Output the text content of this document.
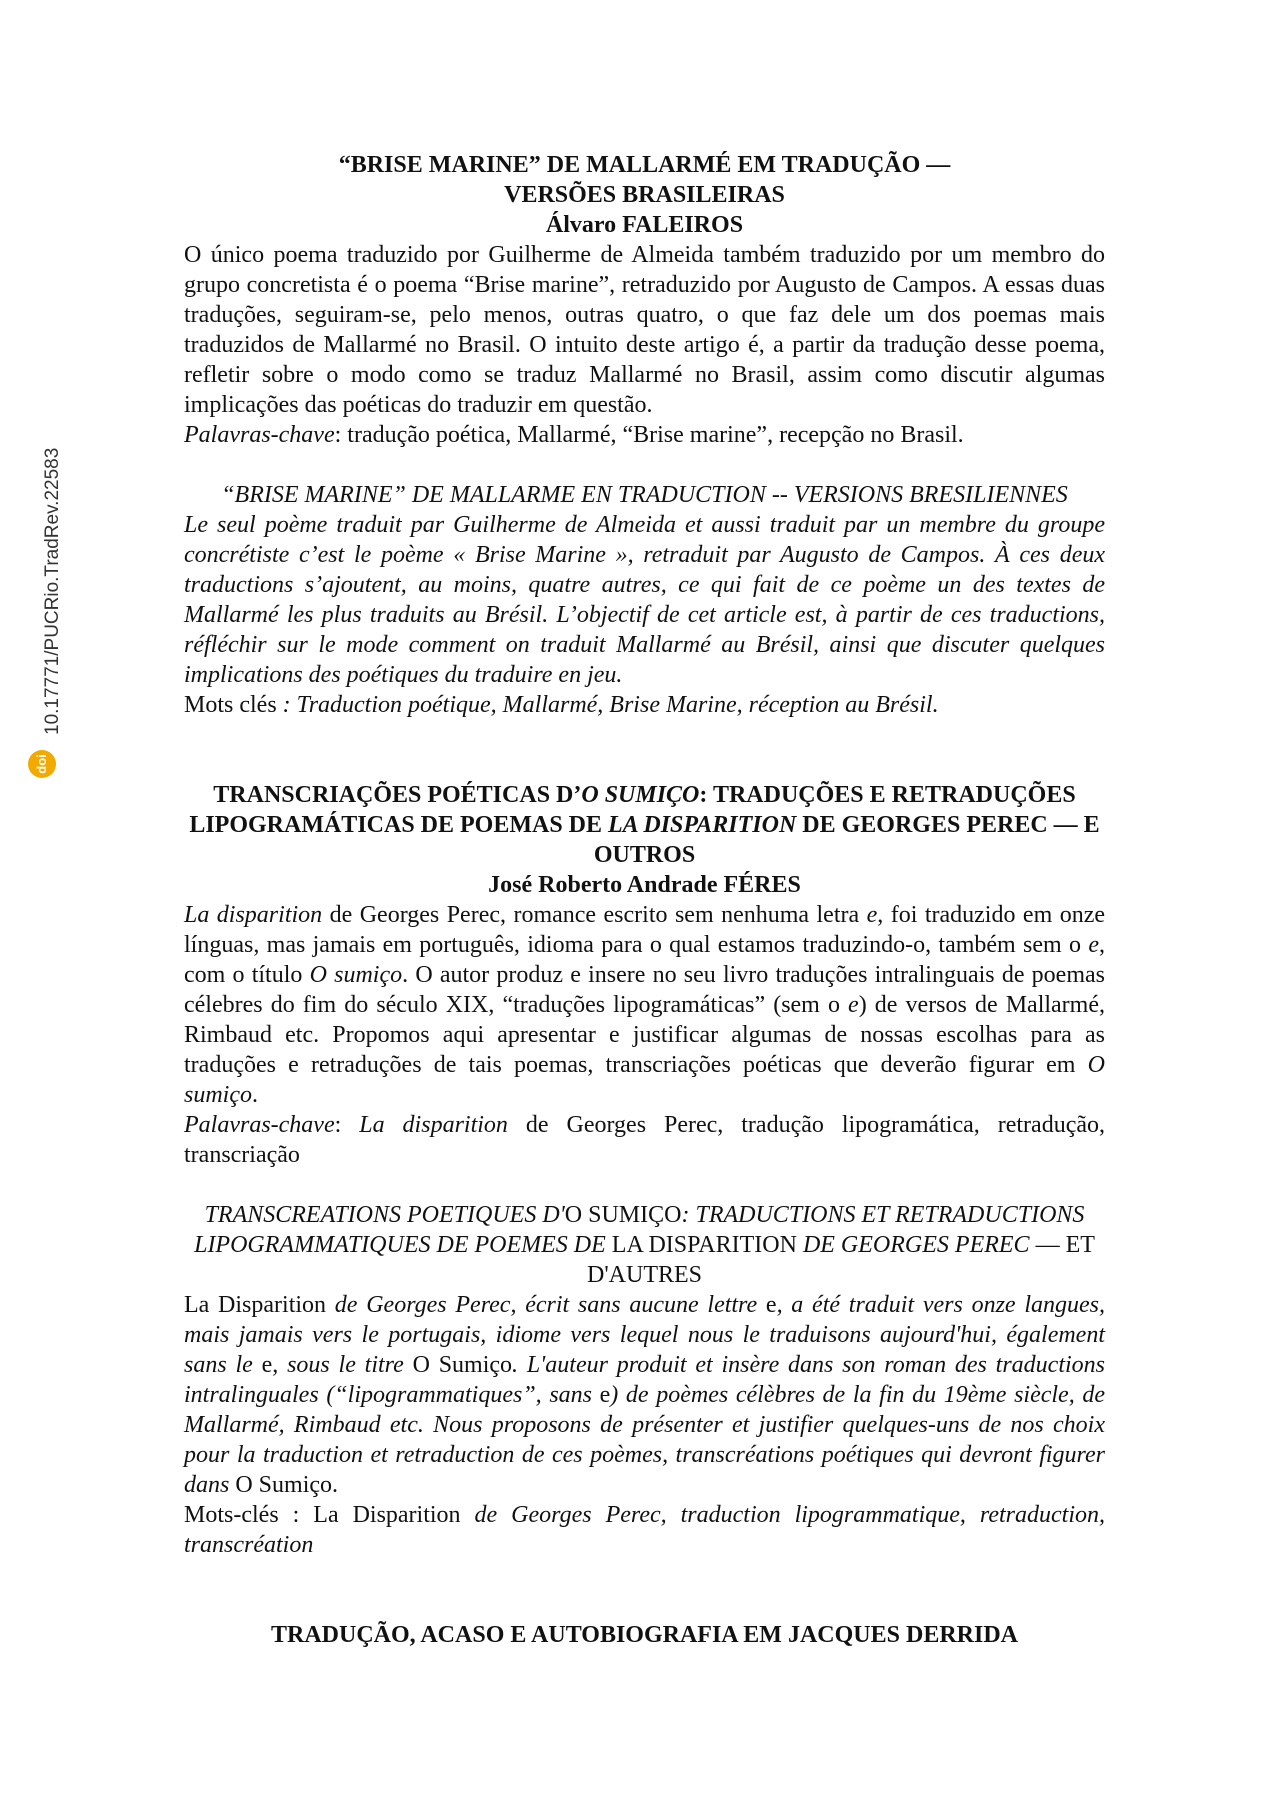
10.17771/PUCRio.TradRev.22583
doi
“BRISE MARINE” DE MALLARMÉ EM TRADUÇÃO —
VERSÕES BRASILEIRAS
Álvaro FALEIROS

O único poema traduzido por Guilherme de Almeida também traduzido por um membro do grupo concretista é o poema “Brise marine”, retraduzido por Augusto de Campos. A essas duas traduções, seguiram-se, pelo menos, outras quatro, o que faz dele um dos poemas mais traduzidos de Mallarmé no Brasil. O intuito deste artigo é, a partir da tradução desse poema, refletir sobre o modo como se traduz Mallarmé no Brasil, assim como discutir algumas implicações das poéticas do traduzir em questão.

Palavras-chave: tradução poética, Mallarmé, “Brise marine”, recepção no Brasil.

“BRISE MARINE” DE MALLARME EN TRADUCTION -- VERSIONS BRESILIENNES

Le seul poème traduit par Guilherme de Almeida et aussi traduit par un membre du groupe concrétiste c’est le poème « Brise Marine », retraduit par Augusto de Campos. À ces deux traductions s’ajoutent, au moins, quatre autres, ce qui fait de ce poème un des textes de Mallarmé les plus traduits au Brésil. L’objectif de cet article est, à partir de ces traductions, réfléchir sur le mode comment on traduit Mallarmé au Brésil, ainsi que discuter quelques implications des poétiques du traduire en jeu.

Mots clés : Traduction poétique, Mallarmé, Brise Marine, réception au Brésil.

TRANSCRIAÇÕES POÉTICAS D’O SUMIÇO: TRADUÇÕES E RETRADUÇÕES LIPOGRAMÁTICAS DE POEMAS DE LA DISPARITION DE GEORGES PEREC — E OUTROS
José Roberto Andrade FÉRES

La disparition de Georges Perec, romance escrito sem nenhuma letra e, foi traduzido em onze línguas, mas jamais em português, idioma para o qual estamos traduzindo-o, também sem o e, com o título O sumiço. O autor produz e insere no seu livro traduções intralinguais de poemas célebres do fim do século XIX, “traduções lipogramáticas” (sem o e) de versos de Mallarmé, Rimbaud etc. Propomos aqui apresentar e justificar algumas de nossas escolhas para as traduções e retraduções de tais poemas, transcriações poéticas que deverão figurar em O sumiço.

Palavras-chave: La disparition de Georges Perec, tradução lipogramática, retradução, transcriação

TRANSCREATIONS POETIQUES D'O SUMIÇO: TRADUCTIONS ET RETRADUCTIONS LIPOGRAMMATIQUES DE POEMES DE LA DISPARITION DE GEORGES PEREC — ET D'AUTRES

La Disparition de Georges Perec, écrit sans aucune lettre e, a été traduit vers onze langues, mais jamais vers le portugais, idiome vers lequel nous le traduisons aujourd'hui, également sans le e, sous le titre O Sumiço. L'auteur produit et insère dans son roman des traductions intralinguales (“lipogrammatiques”, sans e) de poèmes célèbres de la fin du 19ème siècle, de Mallarmé, Rimbaud etc. Nous proposons de présenter et justifier quelques-uns de nos choix pour la traduction et retraduction de ces poèmes, transcréations poétiques qui devront figurer dans O Sumiço.

Mots-clés : La Disparition de Georges Perec, traduction lipogrammatique, retraduction, transcréation

TRADUÇÃO, ACASO E AUTOBIOGRAFIA EM JACQUES DERRIDA
